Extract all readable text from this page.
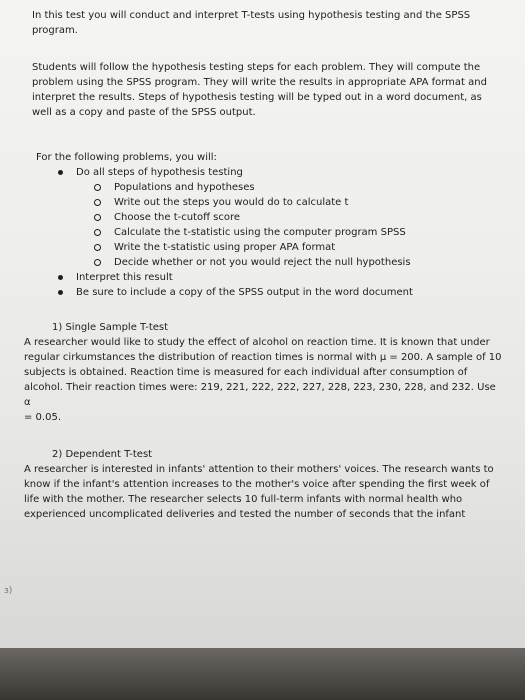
In this test you will conduct and interpret T-tests using hypothesis testing and the SPSS program.

Students will follow the hypothesis testing steps for each problem. They will compute the problem using the SPSS program. They will write the results in appropriate APA format and interpret the results. Steps of hypothesis testing will be typed out in a word document, as well as a copy and paste of the SPSS output.

For the following problems, you will:

Do all steps of hypothesis testing
Populations and hypotheses
Write out the steps you would do to calculate t
Choose the t-cutoff score
Calculate the t-statistic using the computer program SPSS
Write the t-statistic using proper APA format
Decide whether or not you would reject the null hypothesis
Interpret this result
Be sure to include a copy of the SPSS output in the word document

1) Single Sample T-test

A researcher would like to study the effect of alcohol on reaction time. It is known that under regular cirkumstances the distribution of reaction times is normal with μ = 200. A sample of 10 subjects is obtained. Reaction time is measured for each individual after consumption of alcohol. Their reaction times were: 219, 221, 222, 222, 227, 228, 223, 230, 228, and 232. Use α

= 0.05.

2) Dependent T-test

A researcher is interested in infants' attention to their mothers' voices. The research wants to know if the infant's attention increases to the mother's voice after spending the first week of life with the mother. The researcher selects 10 full-term infants with normal health who experienced uncomplicated deliveries and tested the number of seconds that the infant

ɜ)
